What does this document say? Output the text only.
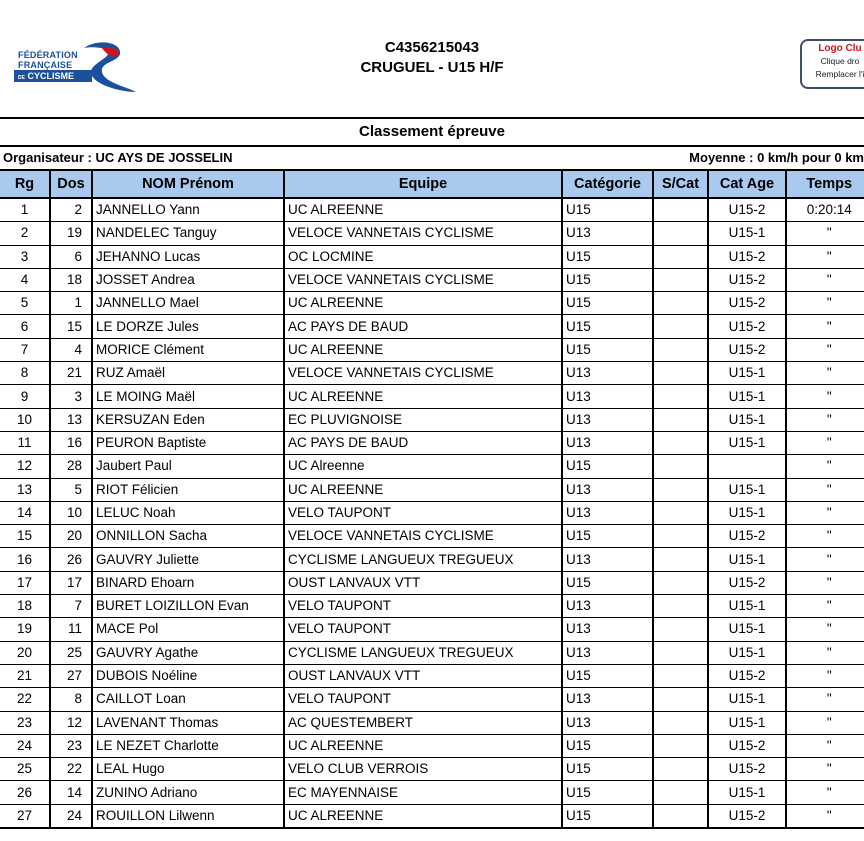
FÉDÉRATION
FRANÇAISE
DE CYCLISME
C4356215043
CRUGUEL - U15 H/F
Logo Clu
Clique dro
Remplacer l'i
Classement épreuve
Organisateur : UC AYS DE JOSSELIN	Moyenne : 0 km/h pour 0 km
Rg	Dos	NOM Prénom	Equipe	Catégorie	S/Cat	Cat Age	Temps
1	2	JANNELLO Yann	UC ALREENNE	U15		U15-2	0:20:14
2	19	NANDELEC Tanguy	VELOCE VANNETAIS CYCLISME	U13		U15-1	"
3	6	JEHANNO Lucas	OC LOCMINE	U15		U15-2	"
4	18	JOSSET Andrea	VELOCE VANNETAIS CYCLISME	U15		U15-2	"
5	1	JANNELLO Mael	UC ALREENNE	U15		U15-2	"
6	15	LE DORZE Jules	AC PAYS DE BAUD	U15		U15-2	"
7	4	MORICE Clément	UC ALREENNE	U15		U15-2	"
8	21	RUZ Amaël	VELOCE VANNETAIS CYCLISME	U13		U15-1	"
9	3	LE MOING Maël	UC ALREENNE	U13		U15-1	"
10	13	KERSUZAN Eden	EC PLUVIGNOISE	U13		U15-1	"
11	16	PEURON Baptiste	AC PAYS DE BAUD	U13		U15-1	"
12	28	Jaubert Paul	UC Alreenne	U15			"
13	5	RIOT Félicien	UC ALREENNE	U13		U15-1	"
14	10	LELUC Noah	VELO TAUPONT	U13		U15-1	"
15	20	ONNILLON Sacha	VELOCE VANNETAIS CYCLISME	U15		U15-2	"
16	26	GAUVRY Juliette	CYCLISME LANGUEUX TREGUEUX	U13		U15-1	"
17	17	BINARD Ehoarn	OUST LANVAUX VTT	U15		U15-2	"
18	7	BURET LOIZILLON Evan	VELO TAUPONT	U13		U15-1	"
19	11	MACE Pol	VELO TAUPONT	U13		U15-1	"
20	25	GAUVRY Agathe	CYCLISME LANGUEUX TREGUEUX	U13		U15-1	"
21	27	DUBOIS Noéline	OUST LANVAUX VTT	U15		U15-2	"
22	8	CAILLOT Loan	VELO TAUPONT	U13		U15-1	"
23	12	LAVENANT Thomas	AC QUESTEMBERT	U13		U15-1	"
24	23	LE NEZET Charlotte	UC ALREENNE	U15		U15-2	"
25	22	LEAL Hugo	VELO CLUB VERROIS	U15		U15-2	"
26	14	ZUNINO Adriano	EC MAYENNAISE	U15		U15-1	"
27	24	ROUILLON Lilwenn	UC ALREENNE	U15		U15-2	"
